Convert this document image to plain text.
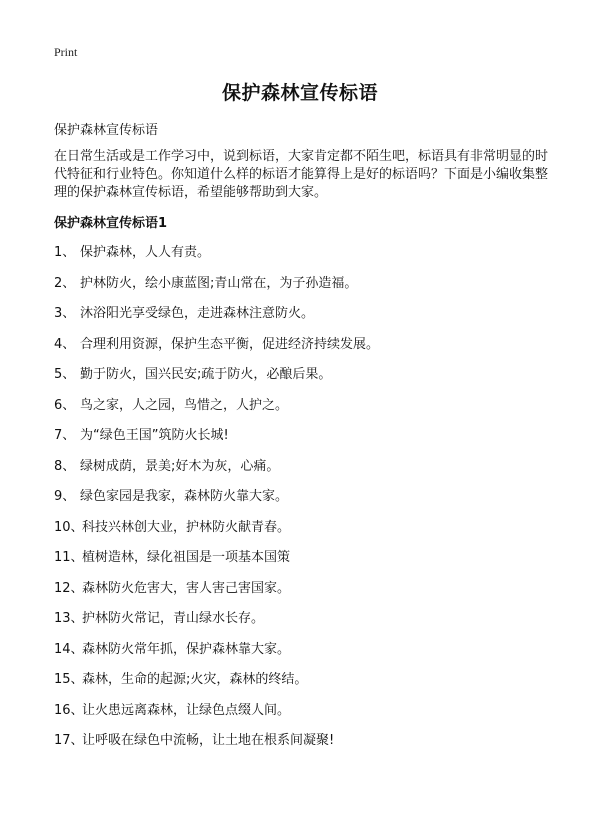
Print
保护森林宣传标语

保护森林宣传标语

在日常生活或是工作学习中，说到标语，大家肯定都不陌生吧，标语具有非常明显的时代特征和行业特色。你知道什么样的标语才能算得上是好的标语吗？下面是小编收集整理的保护森林宣传标语，希望能够帮助到大家。

保护森林宣传标语1
1、 保护森林，人人有责。
2、 护林防火，绘小康蓝图;青山常在，为子孙造福。
3、 沐浴阳光享受绿色，走进森林注意防火。
4、 合理利用资源，保护生态平衡，促进经济持续发展。
5、 勤于防火，国兴民安;疏于防火，必酿后果。
6、 鸟之家，人之园，鸟惜之，人护之。
7、 为“绿色王国”筑防火长城!
8、 绿树成荫，景美;好木为灰，心痛。
9、 绿色家园是我家，森林防火靠大家。
10、科技兴林创大业，护林防火献青春。
11、植树造林，绿化祖国是一项基本国策
12、森林防火危害大，害人害己害国家。
13、护林防火常记，青山绿水长存。
14、森林防火常年抓，保护森林靠大家。
15、森林，生命的起源;火灾，森林的终结。
16、让火患远离森林，让绿色点缀人间。
17、让呼吸在绿色中流畅，让土地在根系间凝聚!
